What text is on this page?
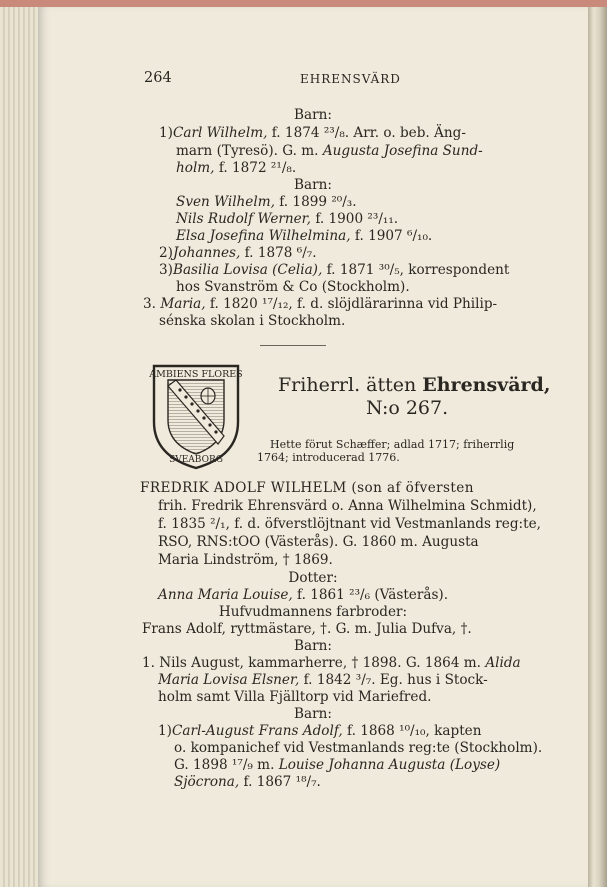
264	EHRENSVÄRD
Barn:
1)Carl Wilhelm, f. 1874 ²³/₈. Arr. o. beb. Äng-
marn (Tyresö). G. m. Augusta Josefina Sund-
holm, f. 1872 ²¹/₈.
Barn:
Sven Wilhelm, f. 1899 ²⁰/₃.
Nils Rudolf Werner, f. 1900 ²³/₁₁.
Elsa Josefina Wilhelmina, f. 1907 ⁶/₁₀.
2)Johannes, f. 1878 ⁶/₇.
3)Basilia Lovisa (Celia), f. 1871 ³⁰/₅, korrespondent
hos Svanström & Co (Stockholm).
3. Maria, f. 1820 ¹⁷/₁₂, f. d. slöjdlärarinna vid Philip-
sénska skolan i Stockholm.
Friherrl. ätten Ehrensvärd,
N:o 267.
Hette förut Schæffer; adlad 1717; friherrlig
1764; introducerad 1776.
FREDRIK ADOLF WILHELM (son af öfversten
frih. Fredrik Ehrensvärd o. Anna Wilhelmina Schmidt),
f. 1835 ²/₁, f. d. öfverstlöjtnant vid Vestmanlands reg:te,
RSO, RNS:tOO (Västerås). G. 1860 m. Augusta
Maria Lindström, † 1869.
Dotter:
Anna Maria Louise, f. 1861 ²³/₆ (Västerås).
Hufvudmannens farbroder:
Frans Adolf, ryttmästare, †. G. m. Julia Dufva, †.
Barn:
1. Nils August, kammarherre, † 1898. G. 1864 m. Alida
Maria Lovisa Elsner, f. 1842 ³/₇. Eg. hus i Stock-
holm samt Villa Fjälltorp vid Mariefred.
Barn:
1)Carl-August Frans Adolf, f. 1868 ¹⁰/₁₀, kapten
o. kompanichef vid Vestmanlands reg:te (Stockholm).
G. 1898 ¹⁷/₉ m. Louise Johanna Augusta (Loyse)
Sjöcrona, f. 1867 ¹⁸/₇.
AMBIENS FLORES
SVEABORG
